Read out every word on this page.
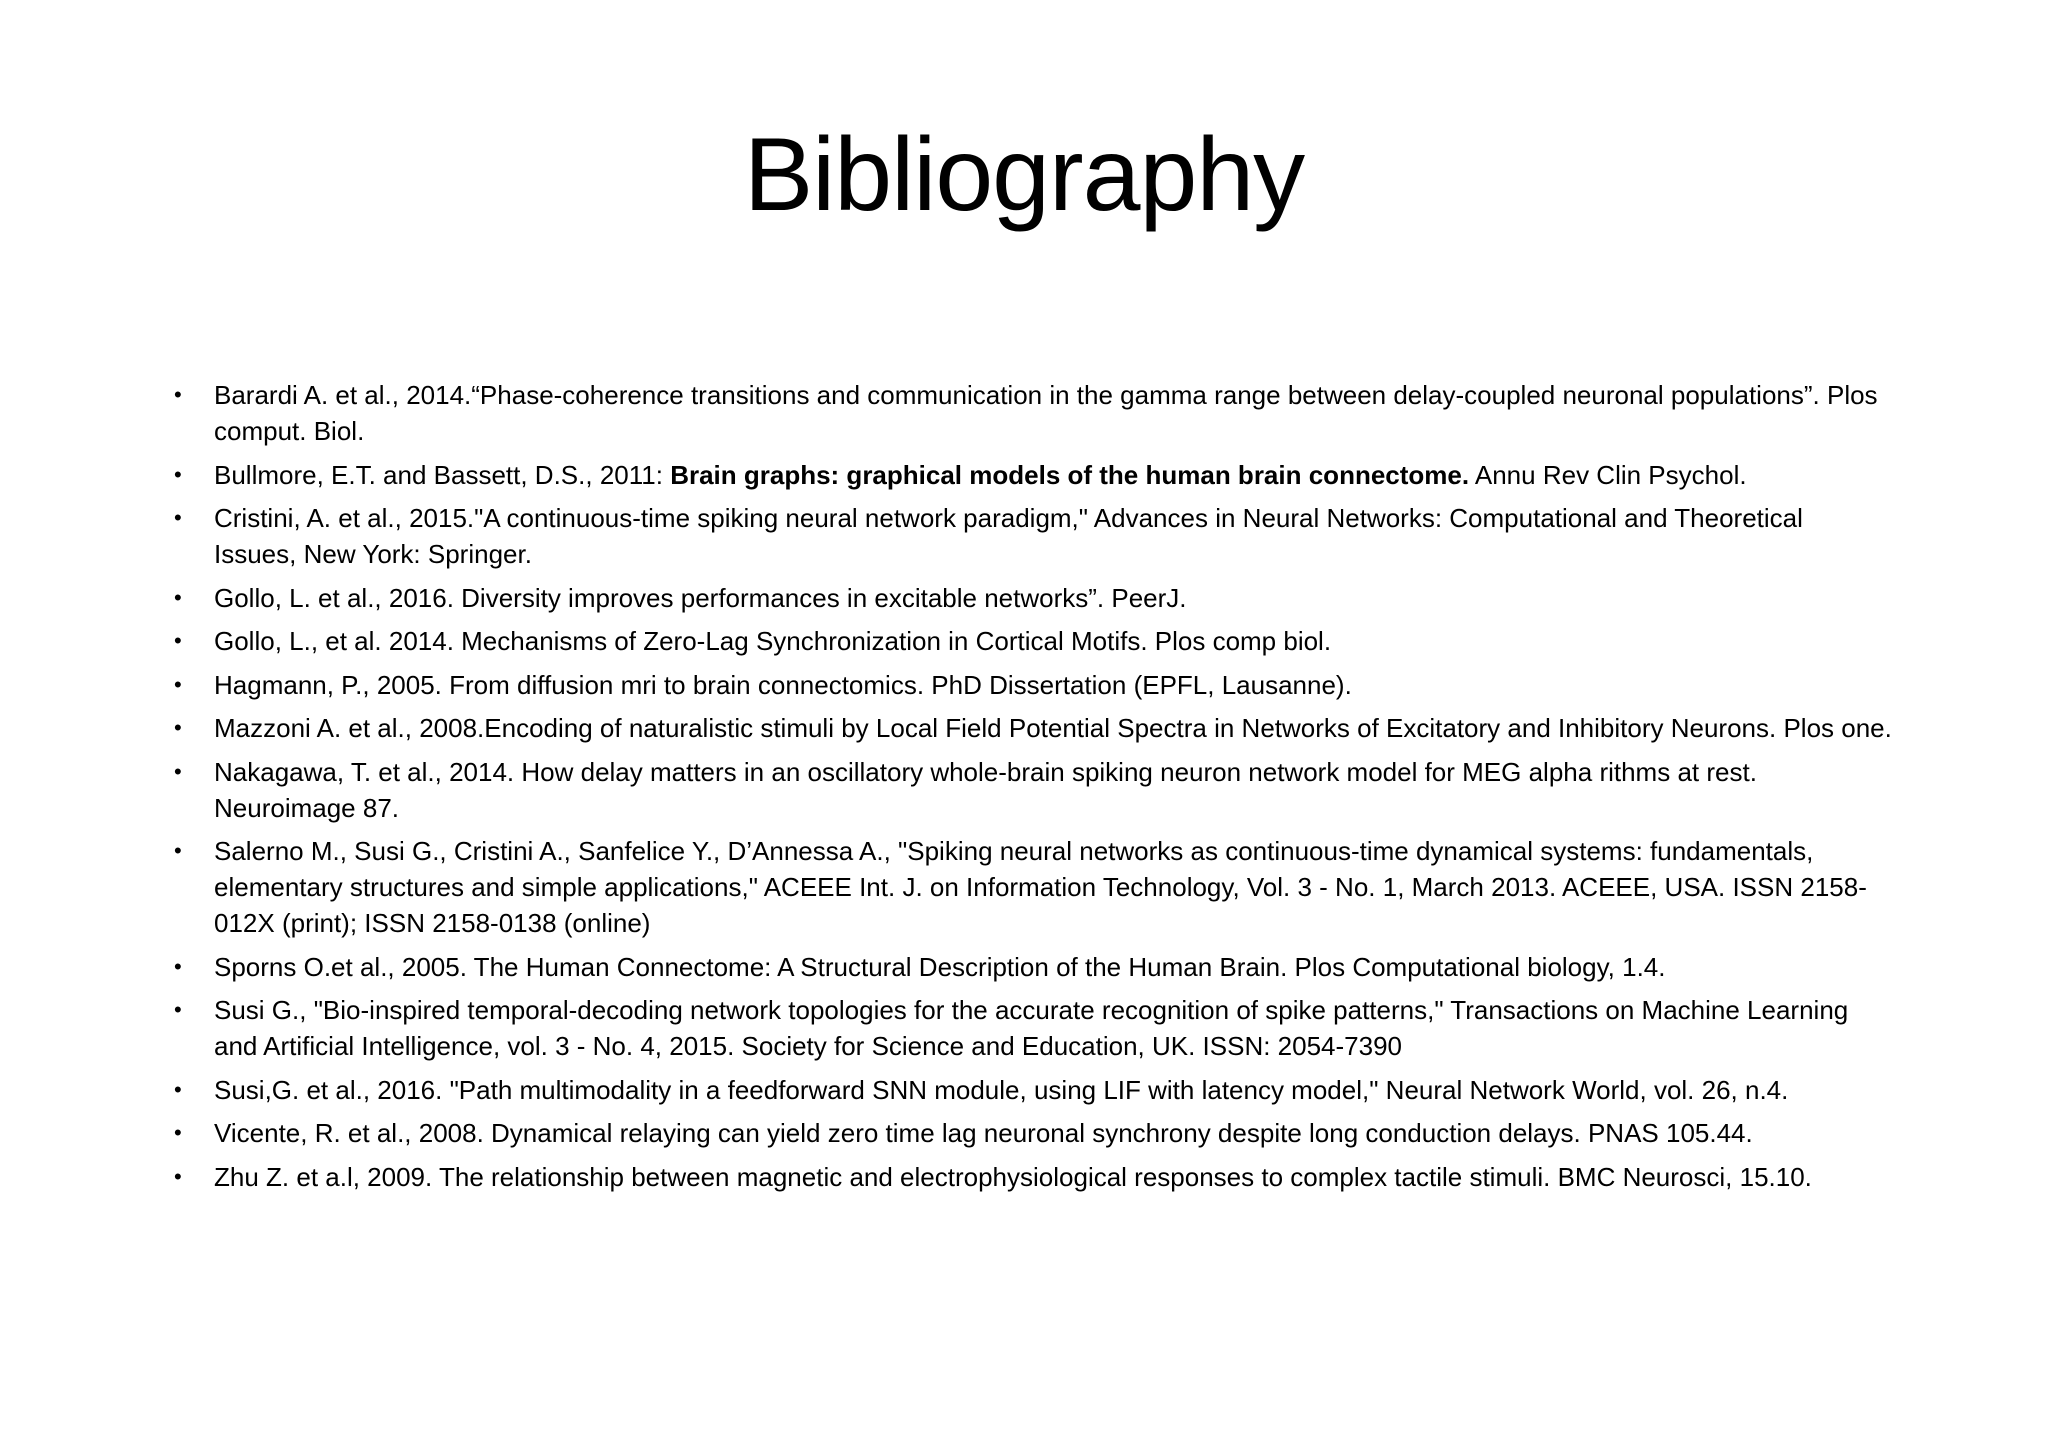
Bibliography
• Barardi A. et al., 2014.“Phase-coherence transitions and communication in the gamma range between delay-coupled neuronal populations”. Plos comput. Biol.
• Bullmore, E.T. and Bassett, D.S., 2011: Brain graphs: graphical models of the human brain connectome. Annu Rev Clin Psychol.
• Cristini, A. et al., 2015."A continuous-time spiking neural network paradigm," Advances in Neural Networks: Computational and Theoretical Issues, New York: Springer.
• Gollo, L. et al., 2016. Diversity improves performances in excitable networks”. PeerJ.
• Gollo, L., et al. 2014. Mechanisms of Zero-Lag Synchronization in Cortical Motifs. Plos comp biol.
• Hagmann, P., 2005. From diffusion mri to brain connectomics. PhD Dissertation (EPFL, Lausanne).
• Mazzoni A. et al., 2008.Encoding of naturalistic stimuli by Local Field Potential Spectra in Networks of Excitatory and Inhibitory Neurons. Plos one.
• Nakagawa, T. et al., 2014. How delay matters in an oscillatory whole-brain spiking neuron network model for MEG alpha rithms at rest. Neuroimage 87.
• Salerno M., Susi G., Cristini A., Sanfelice Y., D’Annessa A., "Spiking neural networks as continuous-time dynamical systems: fundamentals, elementary structures and simple applications," ACEEE Int. J. on Information Technology, Vol. 3 - No. 1, March 2013. ACEEE, USA. ISSN 2158-012X (print); ISSN 2158-0138 (online)
• Sporns O.et al., 2005. The Human Connectome: A Structural Description of the Human Brain. Plos Computational biology, 1.4.
• Susi G., "Bio-inspired temporal-decoding network topologies for the accurate recognition of spike patterns," Transactions on Machine Learning and Artificial Intelligence, vol. 3 - No. 4, 2015. Society for Science and Education, UK. ISSN: 2054-7390
• Susi,G. et al., 2016. "Path multimodality in a feedforward SNN module, using LIF with latency model," Neural Network World, vol. 26, n.4.
• Vicente, R. et al., 2008. Dynamical relaying can yield zero time lag neuronal synchrony despite long conduction delays. PNAS 105.44.
• Zhu Z. et a.l, 2009. The relationship between magnetic and electrophysiological responses to complex tactile stimuli. BMC Neurosci, 15.10.
